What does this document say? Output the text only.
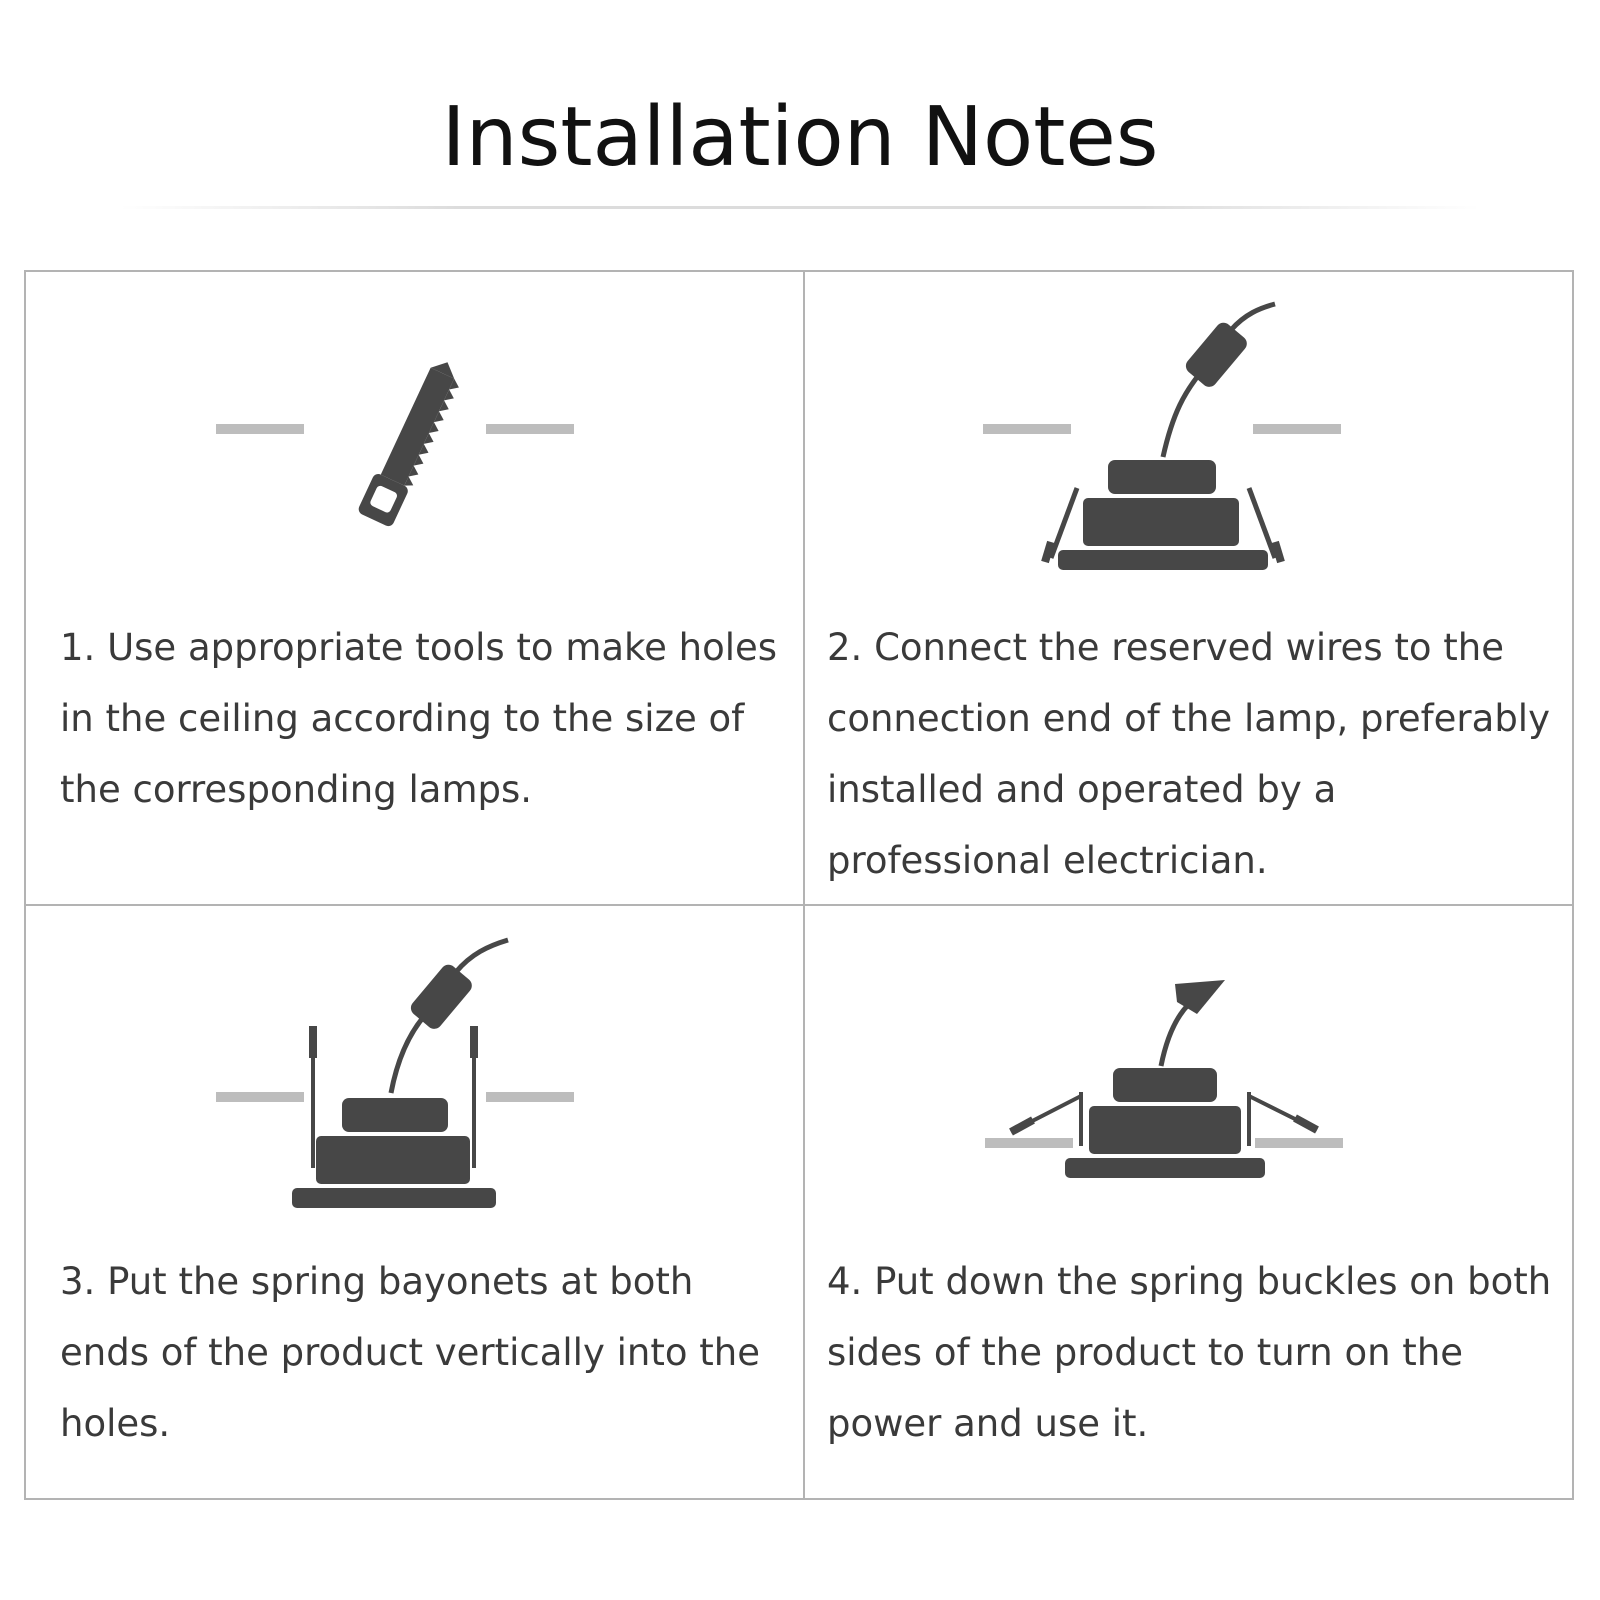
Installation Notes

1. Use appropriate tools to make holes in the ceiling according to the size of the corresponding lamps.

2. Connect the reserved wires to the connection end of the lamp, preferably installed and operated by a professional electrician.

3. Put the spring bayonets at both ends of the product vertically into the holes.

4. Put down the spring buckles on both sides of the product to turn on the power and use it.
